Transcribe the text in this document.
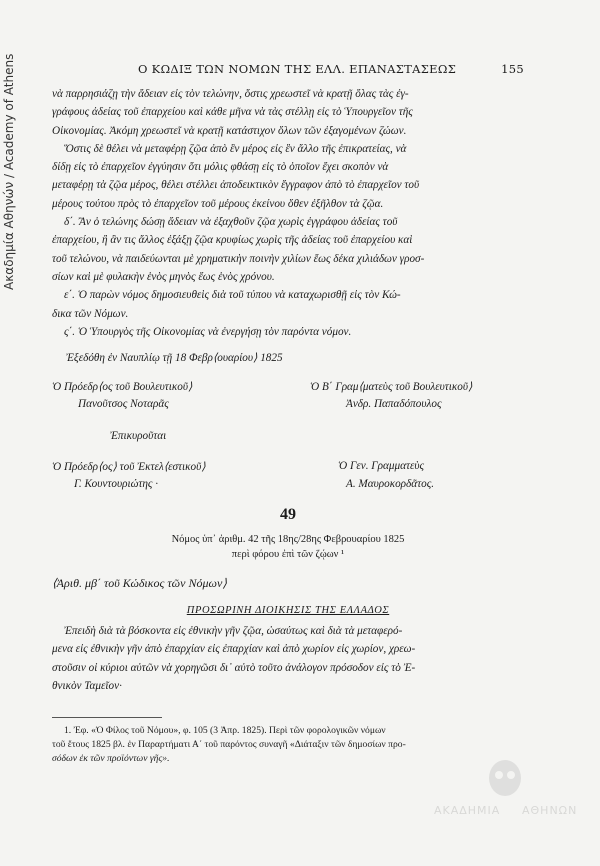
Ακαδημία Αθηνών / Academy of Athens	Ο ΚΩΔΙΞ ΤΩΝ ΝΟΜΩΝ ΤΗΣ ΕΛΛ. ΕΠΑΝΑΣΤΑΣΕΩΣ	155
νὰ παρρησιάζῃ τὴν ἄδειαν εἰς τὸν τελώνην, ὅστις χρεωστεῖ νὰ κρατῇ ὅλας τὰς ἐγ-
γράφους ἀδείας τοῦ ἐπαρχείου καὶ κάθε μῆνα νὰ τὰς στέλλῃ εἰς τὸ Ὑπουργεῖον τῆς
Οἰκονομίας. Ἀκόμη χρεωστεῖ νὰ κρατῇ κατάστιχον ὅλων τῶν ἐξαγομένων ζώων.
Ὅστις δὲ θέλει νὰ μεταφέρῃ ζῷα ἀπὸ ἓν μέρος εἰς ἓν ἄλλο τῆς ἐπικρατείας, νὰ
δίδῃ εἰς τὸ ἐπαρχεῖον ἐγγύησιν ὅτι μόλις φθάσῃ εἰς τὸ ὁποῖον ἔχει σκοπὸν νὰ
μεταφέρῃ τὰ ζῷα μέρος, θέλει στέλλει ἀποδεικτικὸν ἔγγραφον ἀπὸ τὸ ἐπαρχεῖον τοῦ
μέρους τούτου πρὸς τὸ ἐπαρχεῖον τοῦ μέρους ἐκείνου ὅθεν ἐξῆλθον τὰ ζῷα.
δ΄. Ἂν ὁ τελώνης δώσῃ ἄδειαν νὰ ἐξαχθοῦν ζῷα χωρὶς ἐγγράφου ἀδείας τοῦ
ἐπαρχείου, ἢ ἂν τις ἄλλος ἐξάξῃ ζῷα κρυφίως χωρὶς τῆς ἀδείας τοῦ ἐπαρχείου καὶ
τοῦ τελώνου, νὰ παιδεύωνται μὲ χρηματικὴν ποινὴν χιλίων ἕως δέκα χιλιάδων γροσ-
σίων καὶ μὲ φυλακὴν ἑνὸς μηνὸς ἕως ἑνὸς χρόνου.
ε΄. Ὁ παρὼν νόμος δημοσιευθεὶς διὰ τοῦ τύπου νὰ καταχωρισθῇ εἰς τὸν Κώ-
δικα τῶν Νόμων.
ς΄. Ὁ Ὑπουργὸς τῆς Οἰκονομίας νὰ ἐνεργήσῃ τὸν παρόντα νόμον.
Ἐξεδόθη ἐν Ναυπλίῳ τῇ 18 Φεβρ⟨ουαρίου⟩ 1825
Ὁ Πρόεδρ⟨ος τοῦ Βουλευτικοῦ⟩
Πανοῦτσος Νοταρᾶς
Ὁ Β΄ Γραμ⟨ματεὺς τοῦ Βουλευτικοῦ⟩
Ἀνδρ. Παπαδόπουλος
Ἐπικυροῦται
Ὁ Πρόεδρ⟨ος⟩ τοῦ Ἐκτελ⟨εστικοῦ⟩
Γ. Κουντουριώτης ·
Ὁ Γεν. Γραμματεὺς
Α. Μαυροκορδᾶτος.
49
Νόμος ὑπ᾽ ἀριθμ. 42 τῆς 18ης/28ης Φεβρουαρίου 1825
περὶ φόρου ἐπὶ τῶν ζῴων ¹
⟨Ἀριθ. μβ΄ τοῦ Κώδικος τῶν Νόμων⟩
ΠΡΟΣΩΡΙΝΗ ΔΙΟΙΚΗΣΙΣ ΤΗΣ ΕΛΛΑΔΟΣ
Ἐπειδὴ διὰ τὰ βόσκοντα εἰς ἐθνικὴν γῆν ζῷα, ὡσαύτως καὶ διὰ τὰ μεταφερό-
μενα εἰς ἐθνικὴν γῆν ἀπὸ ἐπαρχίαν εἰς ἐπαρχίαν καὶ ἀπὸ χωρίον εἰς χωρίον, χρεω-
στοῦσιν οἱ κύριοι αὐτῶν νὰ χορηγῶσι δι᾽ αὐτὸ τοῦτο ἀνάλογον πρόσοδον εἰς τὸ Ἐ-
θνικὸν Ταμεῖον·
1. Ἐφ. «Ὁ Φίλος τοῦ Νόμου», φ. 105 (3 Ἀπρ. 1825). Περὶ τῶν φορολογικῶν νόμων
τοῦ ἔτους 1825 βλ. ἐν Παραρτήματι Α΄ τοῦ παρόντος συναγῆ «Διάταξιν τῶν δημοσίων προ-
σόδων ἐκ τῶν προϊόντων γῆς».
ΑΚΑΔΗΜΙΑ ΑΘΗΝΩΝ
